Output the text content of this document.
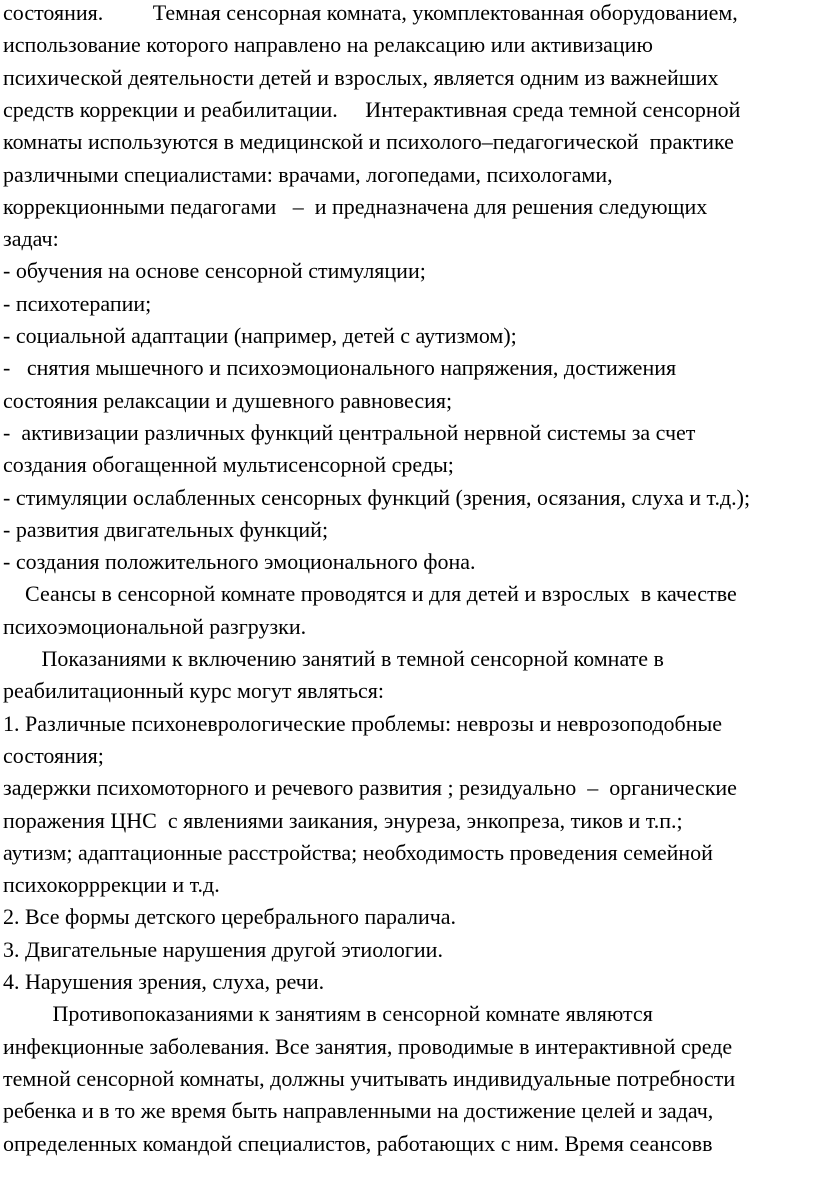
состояния.         Темная сенсорная комната, укомплектованная оборудованием,
использование которого направлено на релаксацию или активизацию
психической деятельности детей и взрослых, является одним из важнейших
средств коррекции и реабилитации.     Интерактивная среда темной сенсорной
комнаты используются в медицинской и психолого–педагогической  практике
различными специалистами: врачами, логопедами, психологами,
коррекционными педагогами   –  и предназначена для решения следующих
задач:
- обучения на основе сенсорной стимуляции;
- психотерапии;
- социальной адаптации (например, детей с аутизмом);
-   снятия мышечного и психоэмоционального напряжения, достижения
состояния релаксации и душевного равновесия;
-  активизации различных функций центральной нервной системы за счет
создания обогащенной мультисенсорной среды;
- стимуляции ослабленных сенсорных функций (зрения, осязания, слуха и т.д.);
- развития двигательных функций;
- создания положительного эмоционального фона.
Сеансы в сенсорной комнате проводятся и для детей и взрослых  в качестве
психоэмоциональной разгрузки.
Показаниями к включению занятий в темной сенсорной комнате в
реабилитационный курс могут являться:
1. Различные психоневрологические проблемы: неврозы и неврозоподобные
состояния;
задержки психомоторного и речевого развития ; резидуально  –  органические
поражения ЦНС  с явлениями заикания, энуреза, энкопреза, тиков и т.п.;
аутизм; адаптационные расстройства; необходимость проведения семейной
психокорррекции и т.д.
2. Все формы детского церебрального паралича.
3. Двигательные нарушения другой этиологии.
4. Нарушения зрения, слуха, речи.
Противопоказаниями к занятиям в сенсорной комнате являются
инфекционные заболевания. Все занятия, проводимые в интерактивной среде
темной сенсорной комнаты, должны учитывать индивидуальные потребности
ребенка и в то же время быть направленными на достижение целей и задач,
определенных командой специалистов, работающих с ним. Время сеансовв
